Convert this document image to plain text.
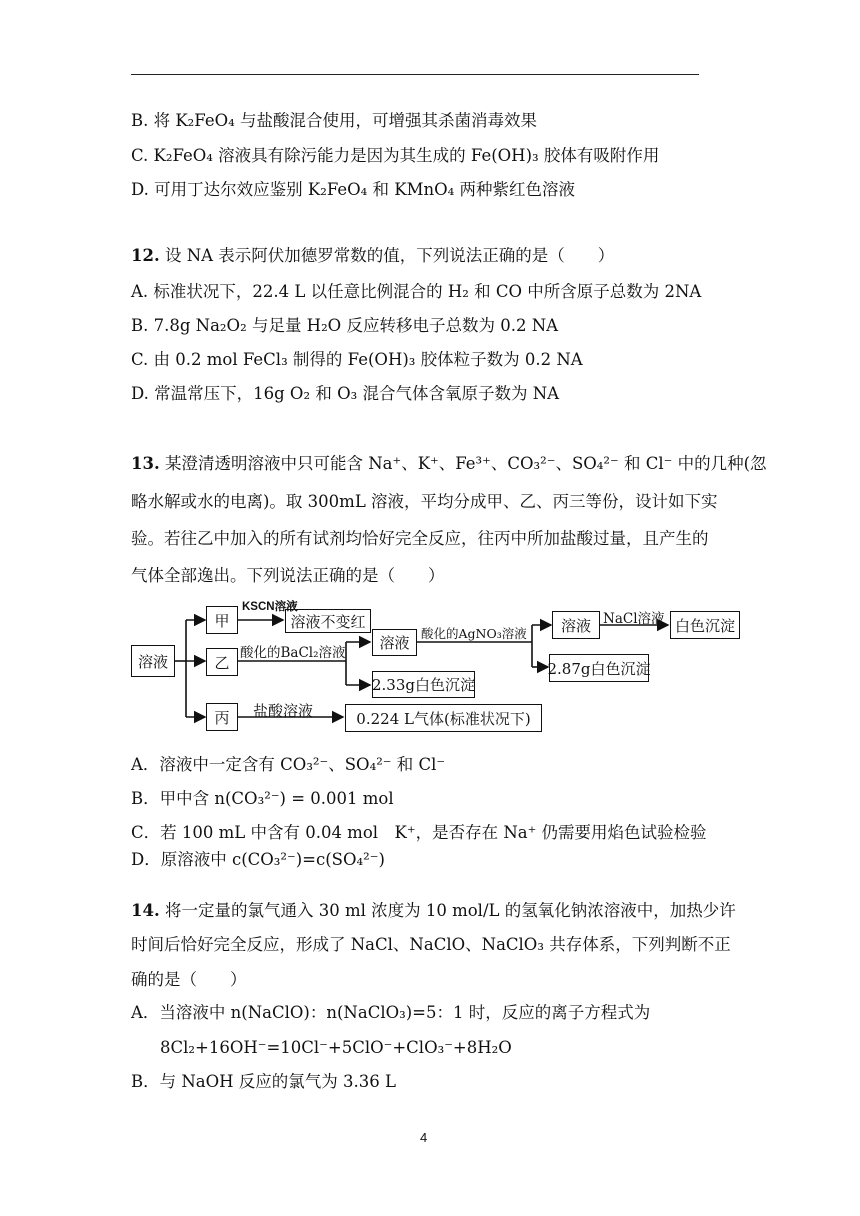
B. 将 K₂FeO₄ 与盐酸混合使用，可增强其杀菌消毒效果
C. K₂FeO₄ 溶液具有除污能力是因为其生成的 Fe(OH)₃ 胶体有吸附作用
D. 可用丁达尔效应鉴别 K₂FeO₄ 和 KMnO₄ 两种紫红色溶液
12. 设 NA 表示阿伏加德罗常数的值，下列说法正确的是（　　）
A. 标准状况下，22.4 L 以任意比例混合的 H₂ 和 CO 中所含原子总数为 2NA
B. 7.8g Na₂O₂ 与足量 H₂O 反应转移电子总数为 0.2 NA
C. 由 0.2 mol FeCl₃ 制得的 Fe(OH)₃ 胶体粒子数为 0.2 NA
D. 常温常压下，16g O₂ 和 O₃ 混合气体含氧原子数为 NA
13. 某澄清透明溶液中只可能含 Na⁺、K⁺、Fe³⁺、CO₃²⁻、SO₄²⁻ 和 Cl⁻ 中的几种(忽
略水解或水的电离)。取 300mL 溶液，平均分成甲、乙、丙三等份，设计如下实
验。若往乙中加入的所有试剂均恰好完全反应，往丙中所加盐酸过量，且产生的
气体全部逸出。下列说法正确的是（　　）
溶液
甲
乙
丙
溶液不变红
溶液
2.33g白色沉淀
溶液	白色沉淀
2.87g白色沉淀
0.224 L气体(标准状况下)
KSCN溶液
酸化的BaCl₂溶液
酸化的AgNO₃溶液
NaCl溶液
盐酸溶液
A．溶液中一定含有 CO₃²⁻、SO₄²⁻ 和 Cl⁻
B．甲中含 n(CO₃²⁻) = 0.001 mol
C．若 100 mL 中含有 0.04 mol　K⁺，是否存在 Na⁺ 仍需要用焰色试验检验
D．原溶液中 c(CO₃²⁻)=c(SO₄²⁻)
14. 将一定量的氯气通入 30 ml 浓度为 10 mol/L 的氢氧化钠浓溶液中，加热少许
时间后恰好完全反应，形成了 NaCl、NaClO、NaClO₃ 共存体系，下列判断不正
确的是（　　）
A．当溶液中 n(NaClO)：n(NaClO₃)=5：1 时，反应的离子方程式为
8Cl₂+16OH⁻=10Cl⁻+5ClO⁻+ClO₃⁻+8H₂O
B．与 NaOH 反应的氯气为 3.36 L
4
